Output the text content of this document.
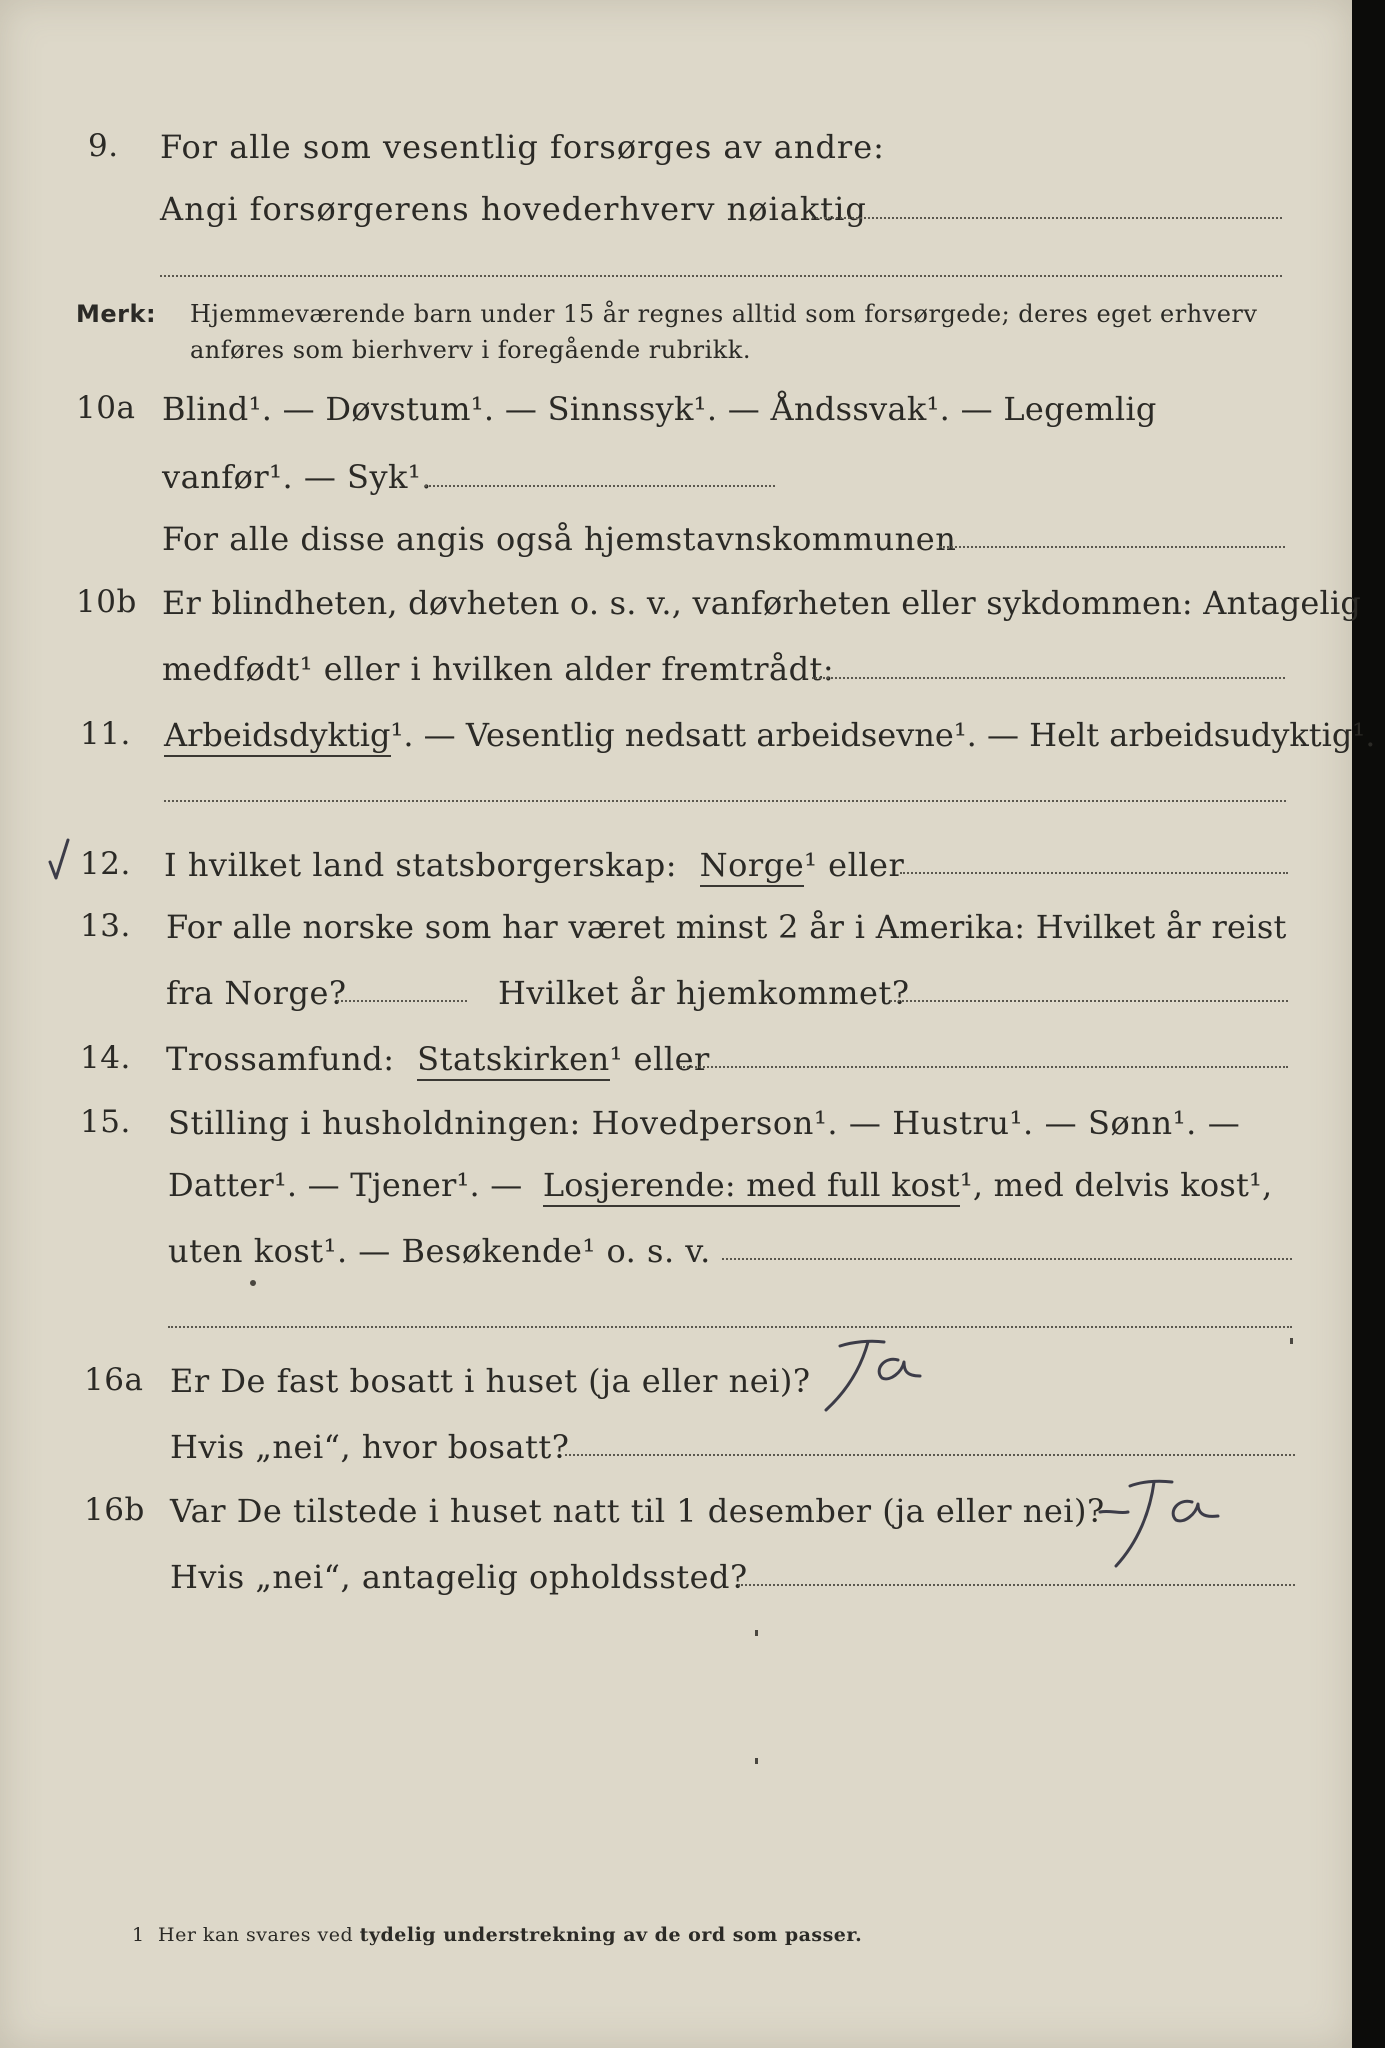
9. For alle som vesentlig forsørges av andre:
Angi forsørgerens hovederhverv nøiaktig
Merk: Hjemmeværende barn under 15 år regnes alltid som forsørgede; deres eget erhverv
anføres som bierhverv i foregående rubrikk.
10a Blind¹. — Døvstum¹. — Sinnssyk¹. — Åndssvak¹. — Legemlig
vanfør¹. — Syk¹.
For alle disse angis også hjemstavnskommunen
10b Er blindheten, døvheten o. s. v., vanførheten eller sykdommen: Antagelig
medfødt¹ eller i hvilken alder fremtrådt:
11. Arbeidsdyktig¹. — Vesentlig nedsatt arbeidsevne¹. — Helt arbeidsudyktig¹.
12. I hvilket land statsborgerskap: Norge¹ eller
13. For alle norske som har været minst 2 år i Amerika: Hvilket år reist
fra Norge?	Hvilket år hjemkommet?
14. Trossamfund: Statskirken¹ eller
15. Stilling i husholdningen: Hovedperson¹. — Hustru¹. — Sønn¹. —
Datter¹. — Tjener¹. — Losjerende: med full kost¹, med delvis kost¹,
uten kost¹. — Besøkende¹ o. s. v.
16a Er De fast bosatt i huset (ja eller nei)?
Hvis „nei“, hvor bosatt?
16b Var De tilstede i huset natt til 1 desember (ja eller nei)?
Hvis „nei“, antagelig opholdssted?
1 Her kan svares ved tydelig understrekning av de ord som passer.
